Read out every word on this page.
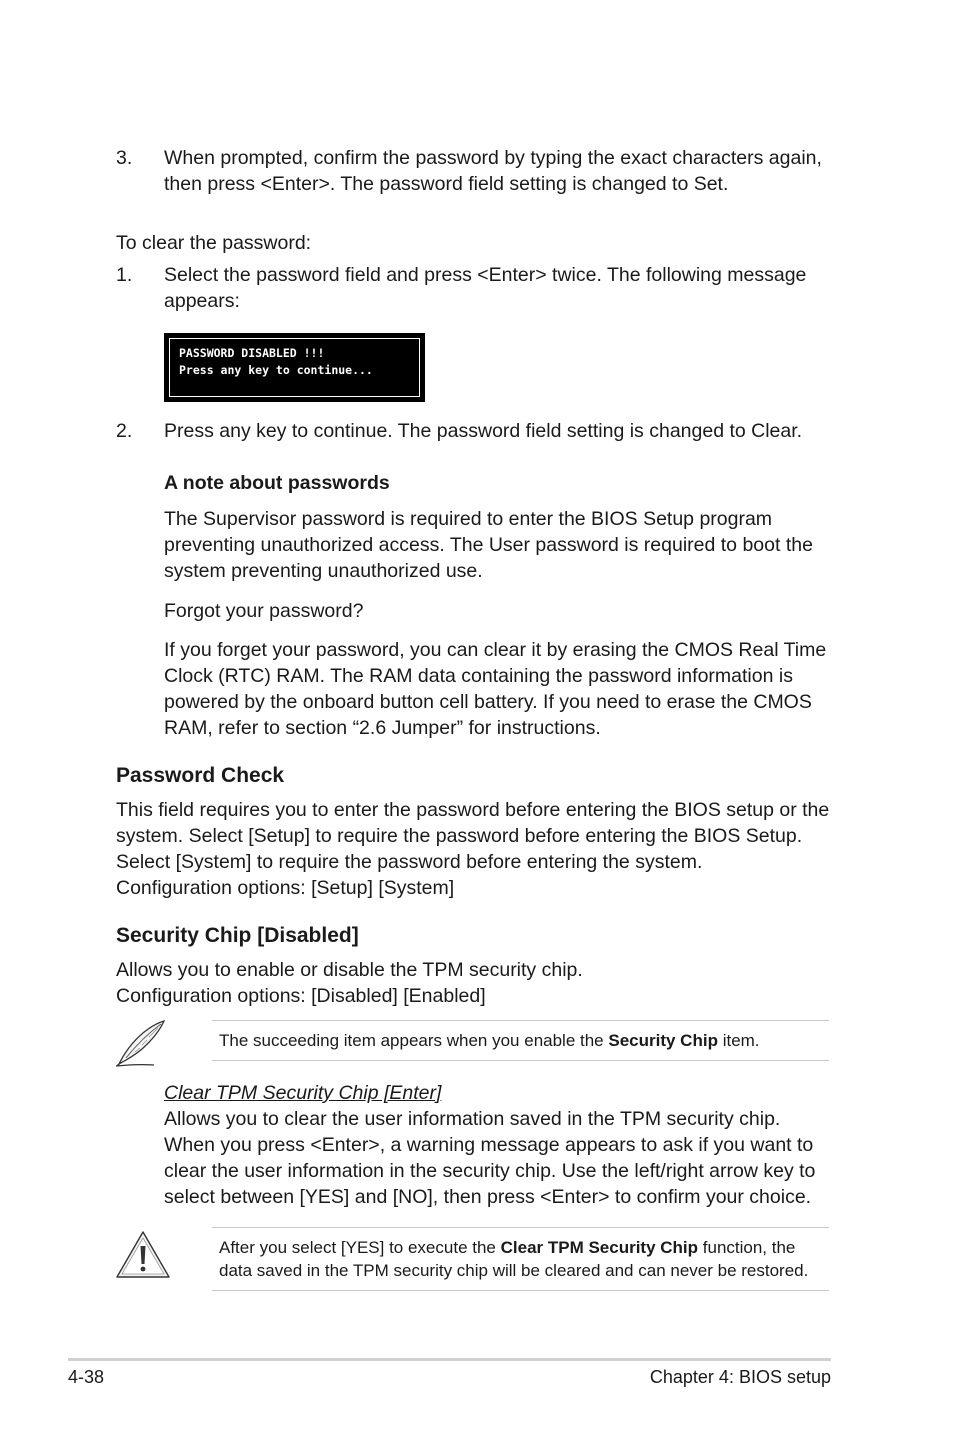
3. When prompted, confirm the password by typing the exact characters again,
then press <Enter>. The password field setting is changed to Set.
To clear the password:
1. Select the password field and press <Enter> twice. The following message
appears:
PASSWORD DISABLED !!!
Press any key to continue...
2. Press any key to continue. The password field setting is changed to Clear.
A note about passwords
The Supervisor password is required to enter the BIOS Setup program
preventing unauthorized access. The User password is required to boot the
system preventing unauthorized use.
Forgot your password?
If you forget your password, you can clear it by erasing the CMOS Real Time
Clock (RTC) RAM. The RAM data containing the password information is
powered by the onboard button cell battery. If you need to erase the CMOS
RAM, refer to section “2.6 Jumper” for instructions.
Password Check
This field requires you to enter the password before entering the BIOS setup or the
system. Select [Setup] to require the password before entering the BIOS Setup.
Select [System] to require the password before entering the system.
Configuration options: [Setup] [System]
Security Chip [Disabled]
Allows you to enable or disable the TPM security chip.
Configuration options: [Disabled] [Enabled]
The succeeding item appears when you enable the Security Chip item.
Clear TPM Security Chip [Enter]
Allows you to clear the user information saved in the TPM security chip.
When you press <Enter>, a warning message appears to ask if you want to
clear the user information in the security chip. Use the left/right arrow key to
select between [YES] and [NO], then press <Enter> to confirm your choice.
After you select [YES] to execute the Clear TPM Security Chip function, the
data saved in the TPM security chip will be cleared and can never be restored.
4-38	Chapter 4: BIOS setup
